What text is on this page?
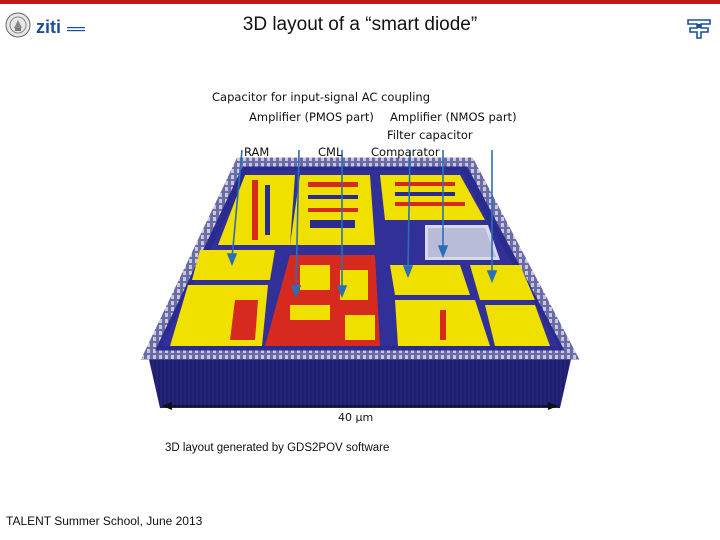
ziti	3D layout of a “smart diode”
Capacitor for input-signal AC coupling
Amplifier (PMOS part) Amplifier (NMOS part)
Filter capacitor
RAM	CML Comparator
40 µm
3D layout generated by GDS2POV software
TALENT Summer School, June 2013
